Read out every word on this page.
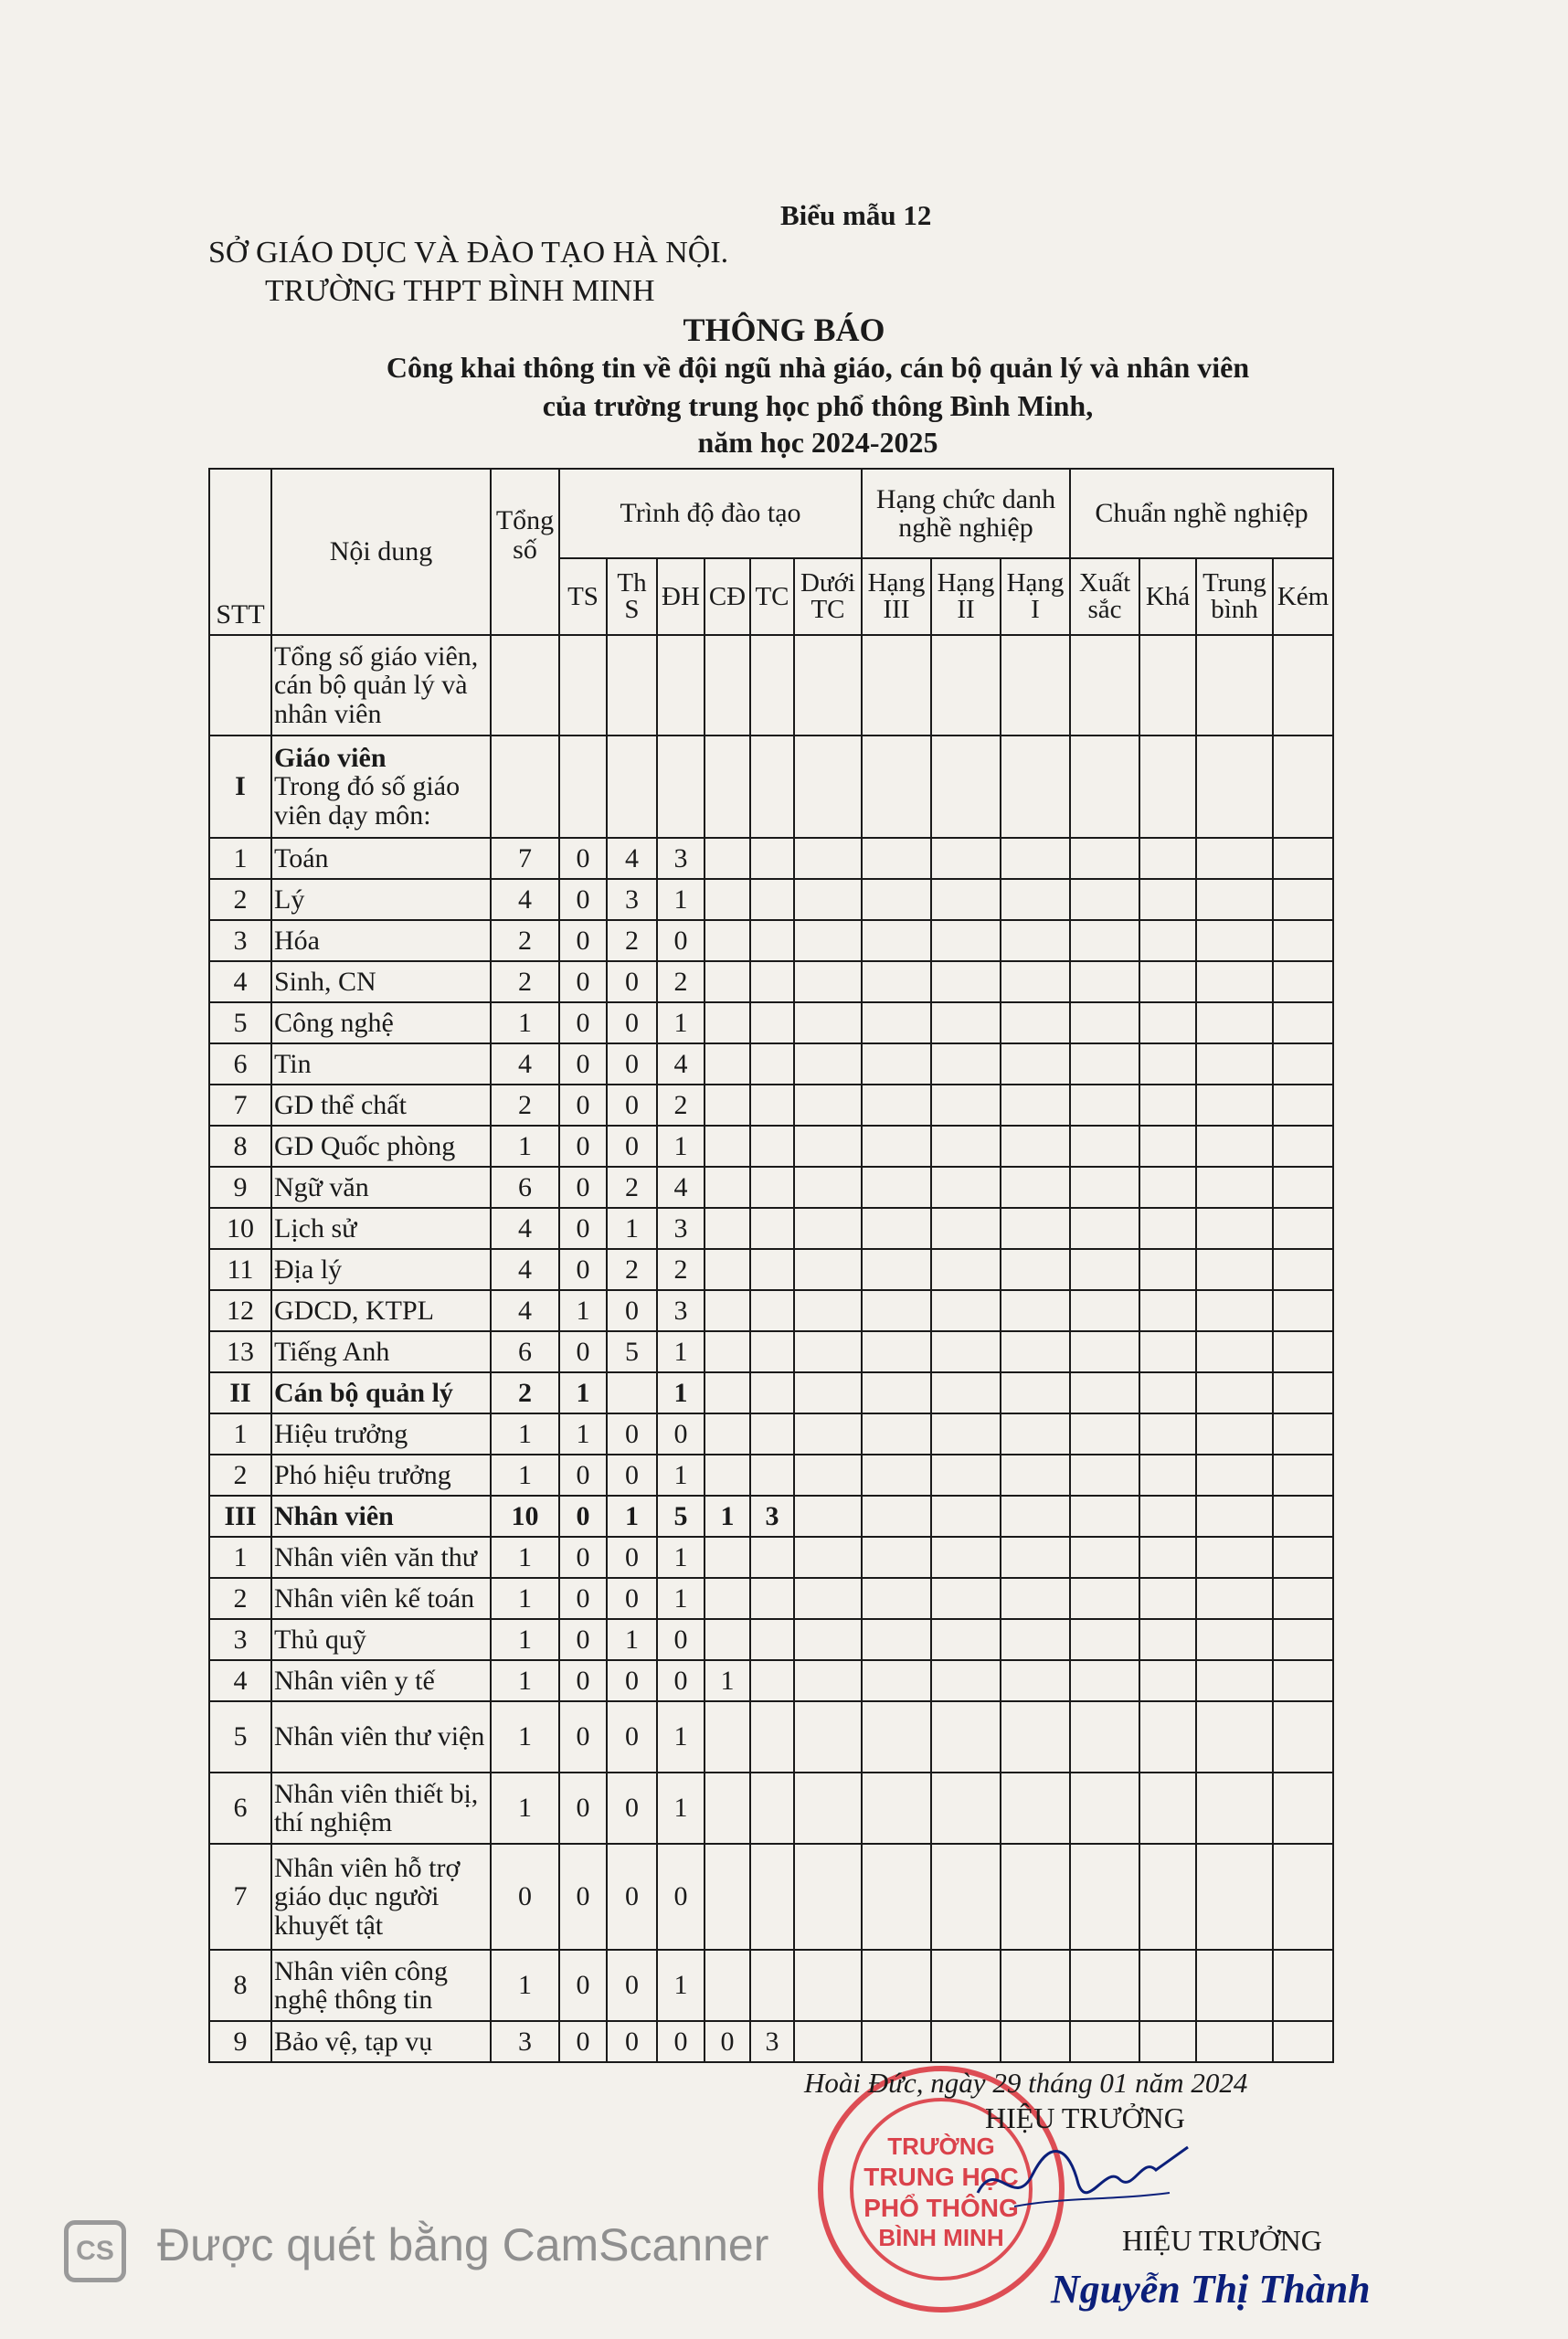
Biểu mẫu 12
SỞ GIÁO DỤC VÀ ĐÀO TẠO HÀ NỘI.
TRƯỜNG THPT BÌNH MINH
THÔNG BÁO
Công khai thông tin về đội ngũ nhà giáo, cán bộ quản lý và nhân viên
của trường trung học phổ thông Bình Minh,
năm học 2024-2025
STT	Nội dung	Tổng số	Trình độ đào tạo						Hạng chức danh nghề nghiệp			Chuẩn nghề nghiệp			
			TS	Th S	ĐH	CĐ	TC	Dưới TC	Hạng III	Hạng II	Hạng I	Xuất sắc	Khá	Trung bình	Kém
	Tổng số giáo viên, cán bộ quản lý và nhân viên														
I	Giáo viên
Trong đó số giáo viên dạy môn:														

1	Toán	7	0	4	3										
2	Lý	4	0	3	1										
3	Hóa	2	0	2	0										
4	Sinh, CN	2	0	0	2										
5	Công nghệ	1	0	0	1										
6	Tin	4	0	0	4										
7	GD thể chất	2	0	0	2										
8	GD Quốc phòng	1	0	0	1										
9	Ngữ văn	6	0	2	4										
10	Lịch sử	4	0	1	3										
11	Địa lý	4	0	2	2										
12	GDCD, KTPL	4	1	0	3										
13	Tiếng Anh	6	0	5	1										
II	Cán bộ quản lý	2	1		1										
1	Hiệu trưởng	1	1	0	0										
2	Phó hiệu trưởng	1	0	0	1										
III	Nhân viên	10	0	1	5	1	3								
1	Nhân viên văn thư	1	0	0	1										
2	Nhân viên kế toán	1	0	0	1										
3	Thủ quỹ	1	0	1	0										
4	Nhân viên y tế	1	0	0	0	1									
5	Nhân viên thư viện	1	0	0	1										
6	Nhân viên thiết bị, thí nghiệm	1	0	0	1										
7	Nhân viên hỗ trợ giáo dục người khuyết tật	0	0	0	0										
8	Nhân viên công nghệ thông tin	1	0	0	1										
9	Bảo vệ, tạp vụ	3	0	0	0	0	3								
TRƯỜNG
TRUNG HỌC
PHỔ THÔNG
BÌNH MINH
Hoài Đức, ngày 29 tháng 01 năm 2024
HIỆU TRƯỞNG
HIỆU TRƯỞNG
Nguyễn Thị Thành
CS Được quét bằng CamScanner
